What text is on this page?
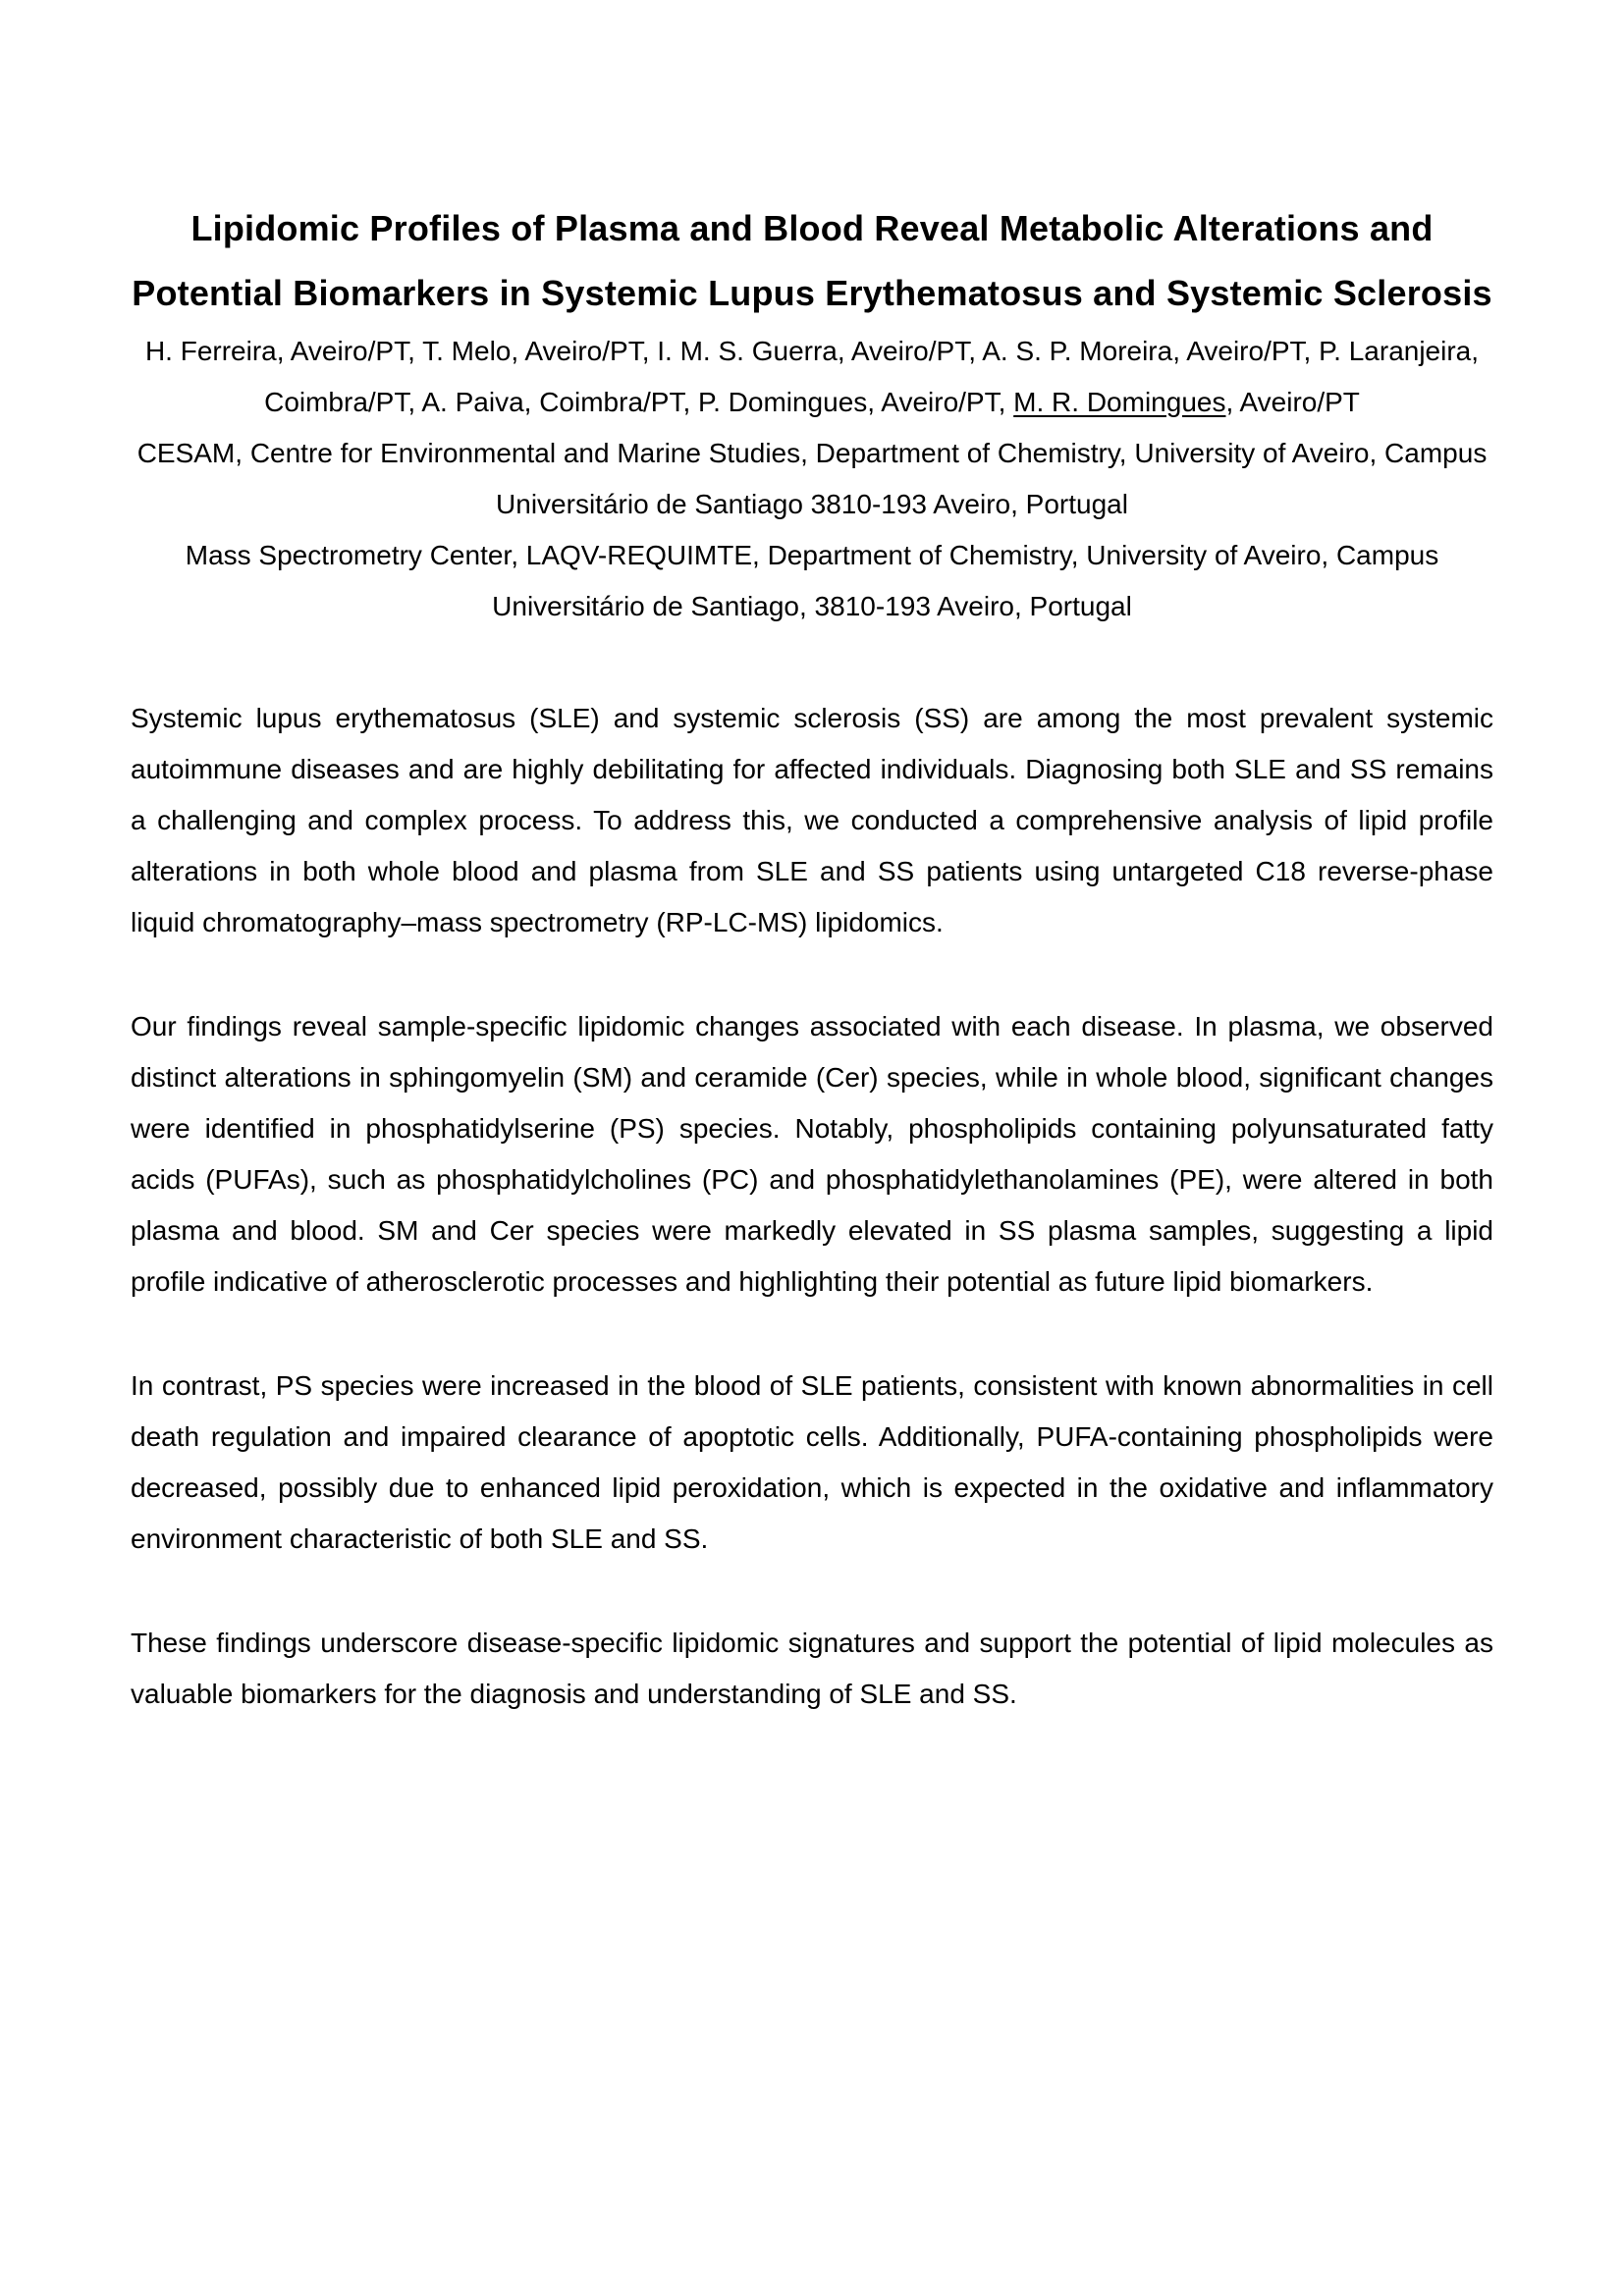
Lipidomic Profiles of Plasma and Blood Reveal Metabolic Alterations and Potential Biomarkers in Systemic Lupus Erythematosus and Systemic Sclerosis

H. Ferreira, Aveiro/PT, T. Melo, Aveiro/PT, I. M. S. Guerra, Aveiro/PT, A. S. P. Moreira, Aveiro/PT, P. Laranjeira, Coimbra/PT, A. Paiva, Coimbra/PT, P. Domingues, Aveiro/PT, M. R. Domingues, Aveiro/PT

CESAM, Centre for Environmental and Marine Studies, Department of Chemistry, University of Aveiro, Campus Universitário de Santiago 3810-193 Aveiro, Portugal

Mass Spectrometry Center, LAQV-REQUIMTE, Department of Chemistry, University of Aveiro, Campus Universitário de Santiago, 3810-193 Aveiro, Portugal

Systemic lupus erythematosus (SLE) and systemic sclerosis (SS) are among the most prevalent systemic autoimmune diseases and are highly debilitating for affected individuals. Diagnosing both SLE and SS remains a challenging and complex process. To address this, we conducted a comprehensive analysis of lipid profile alterations in both whole blood and plasma from SLE and SS patients using untargeted C18 reverse-phase liquid chromatography–mass spectrometry (RP-LC-MS) lipidomics.

Our findings reveal sample-specific lipidomic changes associated with each disease. In plasma, we observed distinct alterations in sphingomyelin (SM) and ceramide (Cer) species, while in whole blood, significant changes were identified in phosphatidylserine (PS) species. Notably, phospholipids containing polyunsaturated fatty acids (PUFAs), such as phosphatidylcholines (PC) and phosphatidylethanolamines (PE), were altered in both plasma and blood. SM and Cer species were markedly elevated in SS plasma samples, suggesting a lipid profile indicative of atherosclerotic processes and highlighting their potential as future lipid biomarkers.

In contrast, PS species were increased in the blood of SLE patients, consistent with known abnormalities in cell death regulation and impaired clearance of apoptotic cells. Additionally, PUFA-containing phospholipids were decreased, possibly due to enhanced lipid peroxidation, which is expected in the oxidative and inflammatory environment characteristic of both SLE and SS.

These findings underscore disease-specific lipidomic signatures and support the potential of lipid molecules as valuable biomarkers for the diagnosis and understanding of SLE and SS.
